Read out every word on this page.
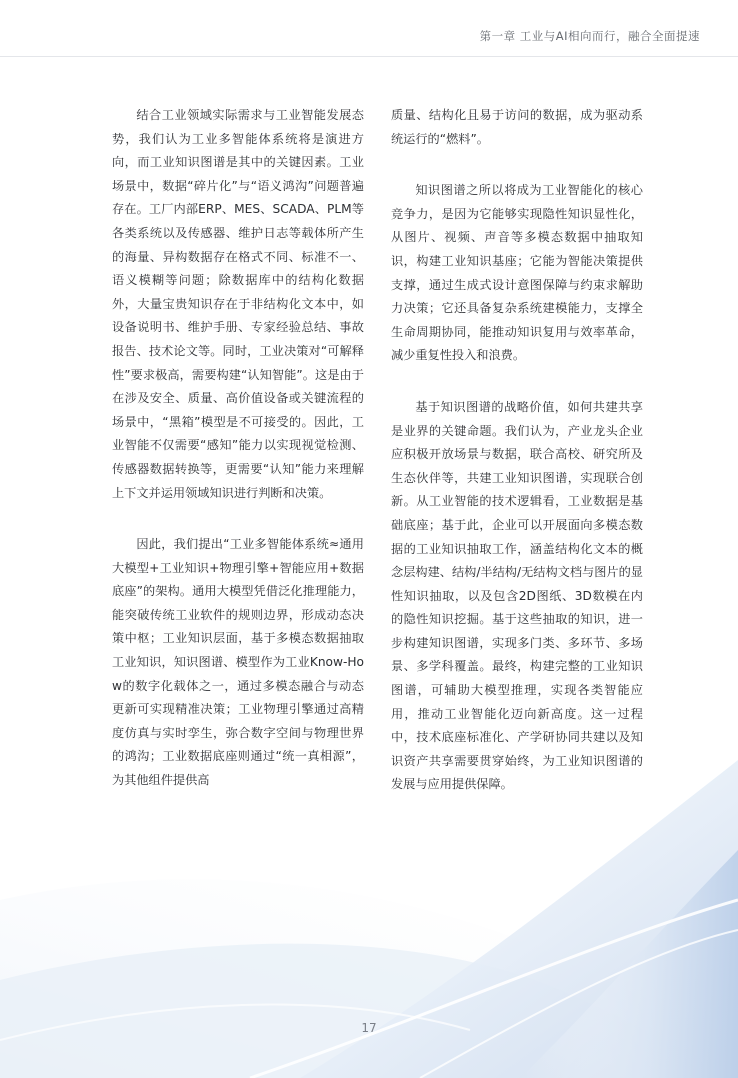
第一章 工业与AI相向而行，融合全面提速

结合工业领域实际需求与工业智能发展态势，我们认为工业多智能体系统将是演进方向，而工业知识图谱是其中的关键因素。工业场景中，数据“碎片化”与“语义鸿沟”问题普遍存在。工厂内部ERP、MES、SCADA、PLM等各类系统以及传感器、维护日志等载体所产生的海量、异构数据存在格式不同、标准不一、语义模糊等问题；除数据库中的结构化数据外，大量宝贵知识存在于非结构化文本中，如设备说明书、维护手册、专家经验总结、事故报告、技术论文等。同时，工业决策对“可解释性”要求极高，需要构建“认知智能”。这是由于在涉及安全、质量、高价值设备或关键流程的场景中，“黑箱”模型是不可接受的。因此，工业智能不仅需要“感知”能力以实现视觉检测、传感器数据转换等，更需要“认知”能力来理解上下文并运用领域知识进行判断和决策。

因此，我们提出“工业多智能体系统≈通用大模型+工业知识+物理引擎+智能应用+数据底座”的架构。通用大模型凭借泛化推理能力，能突破传统工业软件的规则边界，形成动态决策中枢；工业知识层面，基于多模态数据抽取工业知识，知识图谱、模型作为工业Know-How的数字化载体之一，通过多模态融合与动态更新可实现精准决策；工业物理引擎通过高精度仿真与实时孪生，弥合数字空间与物理世界的鸿沟；工业数据底座则通过“统一真相源”，为其他组件提供高

质量、结构化且易于访问的数据，成为驱动系统运行的“燃料”。

知识图谱之所以将成为工业智能化的核心竞争力，是因为它能够实现隐性知识显性化，从图片、视频、声音等多模态数据中抽取知识，构建工业知识基座；它能为智能决策提供支撑，通过生成式设计意图保障与约束求解助力决策；它还具备复杂系统建模能力，支撑全生命周期协同，能推动知识复用与效率革命，减少重复性投入和浪费。

基于知识图谱的战略价值，如何共建共享是业界的关键命题。我们认为，产业龙头企业应积极开放场景与数据，联合高校、研究所及生态伙伴等，共建工业知识图谱，实现联合创新。从工业智能的技术逻辑看，工业数据是基础底座；基于此，企业可以开展面向多模态数据的工业知识抽取工作，涵盖结构化文本的概念层构建、结构/半结构/无结构文档与图片的显性知识抽取，以及包含2D图纸、3D数模在内的隐性知识挖掘。基于这些抽取的知识，进一步构建知识图谱，实现多门类、多环节、多场景、多学科覆盖。最终，构建完整的工业知识图谱，可辅助大模型推理，实现各类智能应用，推动工业智能化迈向新高度。这一过程中，技术底座标准化、产学研协同共建以及知识资产共享需要贯穿始终，为工业知识图谱的发展与应用提供保障。

17
